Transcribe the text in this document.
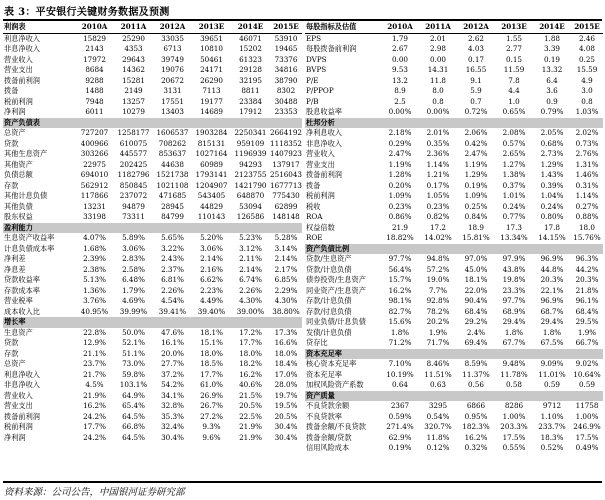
表 3：平安银行关键财务数据及预测
利润表	2010A	2011A	2012A	2013E	2014E	2015E
利息净收入	15829	25290	33035	39651	46071	53910
非息净收入	2143	4353	6713	10810	15202	19465
营业收入	17972	29643	39749	50461	61323	73376
营业支出	8684	14362	19076	24171	29128	34816
拨备前利润	9288	15281	20672	26290	32195	38790
拨备	1488	2149	3131	7113	8811	8302
税前利润	7948	13257	17551	19177	23384	30488
净利润	6011	10279	13403	14689	17912	23353
资产负债表						
总资产	727207	1258177	1606537	1903284	2250341	2664192
贷款	400966	610075	708262	815131	959109	1118352
其他生息资产	303266	445577	853637	1027164	1196939	1407923
其他资产	22975	202425	44638	60989	94293	137917
负债总额	694010	1182796	1521738	1793141	2123755	2516043
存款	562912	850845	1021108	1204907	1421790	1677713
其他计息负债	117866	237072	471685	543405	648870	775430
其他负债	13231	94879	28945	44829	53094	62899
股东权益	33198	73311	84799	110143	126586	148148
盈利能力						
生息资产收益率	4.07%	5.89%	5.65%	5.20%	5.23%	5.28%
计息负债成本率	1.68%	3.06%	3.22%	3.06%	3.12%	3.14%
净利差	2.39%	2.83%	2.43%	2.14%	2.11%	2.14%
净息差	2.38%	2.58%	2.37%	2.16%	2.14%	2.17%
贷款收益率	5.13%	6.48%	6.81%	6.62%	6.74%	6.85%
存款成本率	1.36%	1.79%	2.26%	2.23%	2.26%	2.29%
营业税率	3.76%	4.69%	4.54%	4.49%	4.30%	4.30%
成本收入比	40.95%	39.99%	39.41%	39.40%	39.00%	38.80%
增长率						
生息资产	22.8%	50.0%	47.6%	18.1%	17.2%	17.3%
贷款	12.9%	52.1%	16.1%	15.1%	17.7%	16.6%
存款	21.1%	51.1%	20.0%	18.0%	18.0%	18.0%
总资产	23.7%	73.0%	27.7%	18.5%	18.2%	18.4%
利息净收入	21.7%	59.8%	37.2%	17.7%	16.2%	17.0%
非息净收入	4.5%	103.1%	54.2%	61.0%	40.6%	28.0%
营业收入	21.9%	64.9%	34.1%	26.9%	21.5%	19.7%
营业支出	16.2%	65.4%	32.8%	26.7%	20.5%	19.5%
拨备前利润	24.2%	64.5%	35.3%	27.2%	22.5%	20.5%
税前利润	17.7%	66.8%	32.4%	9.3%	21.9%	30.4%
净利润	24.2%	64.5%	30.4%	9.6%	21.9%	30.4%
每股指标及估值	2010A	2011A	2012A	2013E	2014E	2015E
EPS	1.79	2.01	2.62	1.55	1.88	2.46
每股拨备前利润	2.67	2.98	4.03	2.77	3.39	4.08
DVPS	0.00	0.00	0.17	0.15	0.19	0.25
BVPS	9.53	14.31	16.55	11.59	13.32	15.59
P/E	13.2	11.8	9.1	7.8	6.4	4.9
P/PPOP	8.9	8.0	5.9	4.4	3.6	3.0
P/B	2.5	0.8	0.7	1.0	0.9	0.8
股息收益率	0.00%	0.00%	0.72%	0.65%	0.79%	1.03%
杜邦分析						
净利息收入	2.18%	2.01%	2.06%	2.08%	2.05%	2.02%
非息净收入	0.29%	0.35%	0.42%	0.57%	0.68%	0.73%
营业收入	2.47%	2.36%	2.47%	2.65%	2.73%	2.76%
营业支出	1.19%	1.14%	1.19%	1.27%	1.29%	1.31%
拨备前利润	1.28%	1.21%	1.29%	1.38%	1.43%	1.46%
拨备	0.20%	0.17%	0.19%	0.37%	0.39%	0.31%
税前利润	1.09%	1.05%	1.09%	1.01%	1.04%	1.14%
税收	0.23%	0.23%	0.25%	0.24%	0.24%	0.27%
ROA	0.86%	0.82%	0.84%	0.77%	0.80%	0.88%
权益倍数	21.9	17.2	18.9	17.3	17.8	18.0
ROE	18.82%	14.02%	15.81%	13.34%	14.15%	15.76%
资产负债比例						
贷款/生息资产	97.7%	94.8%	97.0%	97.9%	96.9%	96.3%
贷款/计息负债	56.4%	57.2%	45.0%	43.8%	44.8%	44.2%
债券投资/生息资产	15.7%	19.0%	18.1%	19.8%	20.3%	20.3%
同业资产/生息资产	16.2%	7.7%	22.0%	23.3%	22.1%	21.8%
存款/计息负债	98.1%	92.8%	90.4%	97.7%	96.9%	96.1%
存款/付息负债	82.7%	78.2%	68.4%	68.9%	68.7%	68.4%
同业负债/计息负债	15.6%	20.2%	29.2%	29.4%	29.4%	29.5%
发债/计息负债	1.8%	1.9%	2.4%	1.8%	1.8%	1.9%
贷存比	71.2%	71.7%	69.4%	67.7%	67.5%	66.7%
资本充足率						
核心资本充足率	7.10%	8.46%	8.59%	9.48%	9.09%	9.02%
资本充足率	10.19%	11.51%	11.37%	11.78%	11.01%	10.64%
加权风险资产系数	0.64	0.63	0.56	0.58	0.59	0.59
资产质量						
不良贷款余额	2367	3295	6866	8286	9712	11758
不良贷款率	0.59%	0.54%	0.95%	1.00%	1.10%	1.00%
拨备余额/不良贷款	271.4%	320.7%	182.3%	203.3%	233.7%	246.9%
拨备余额/贷款	62.9%	11.8%	16.2%	17.5%	18.3%	17.5%
信用风险成本	0.19%	0.12%	0.32%	0.55%	0.52%	0.49%
资料来源：公司公告，中国银河证券研究部
